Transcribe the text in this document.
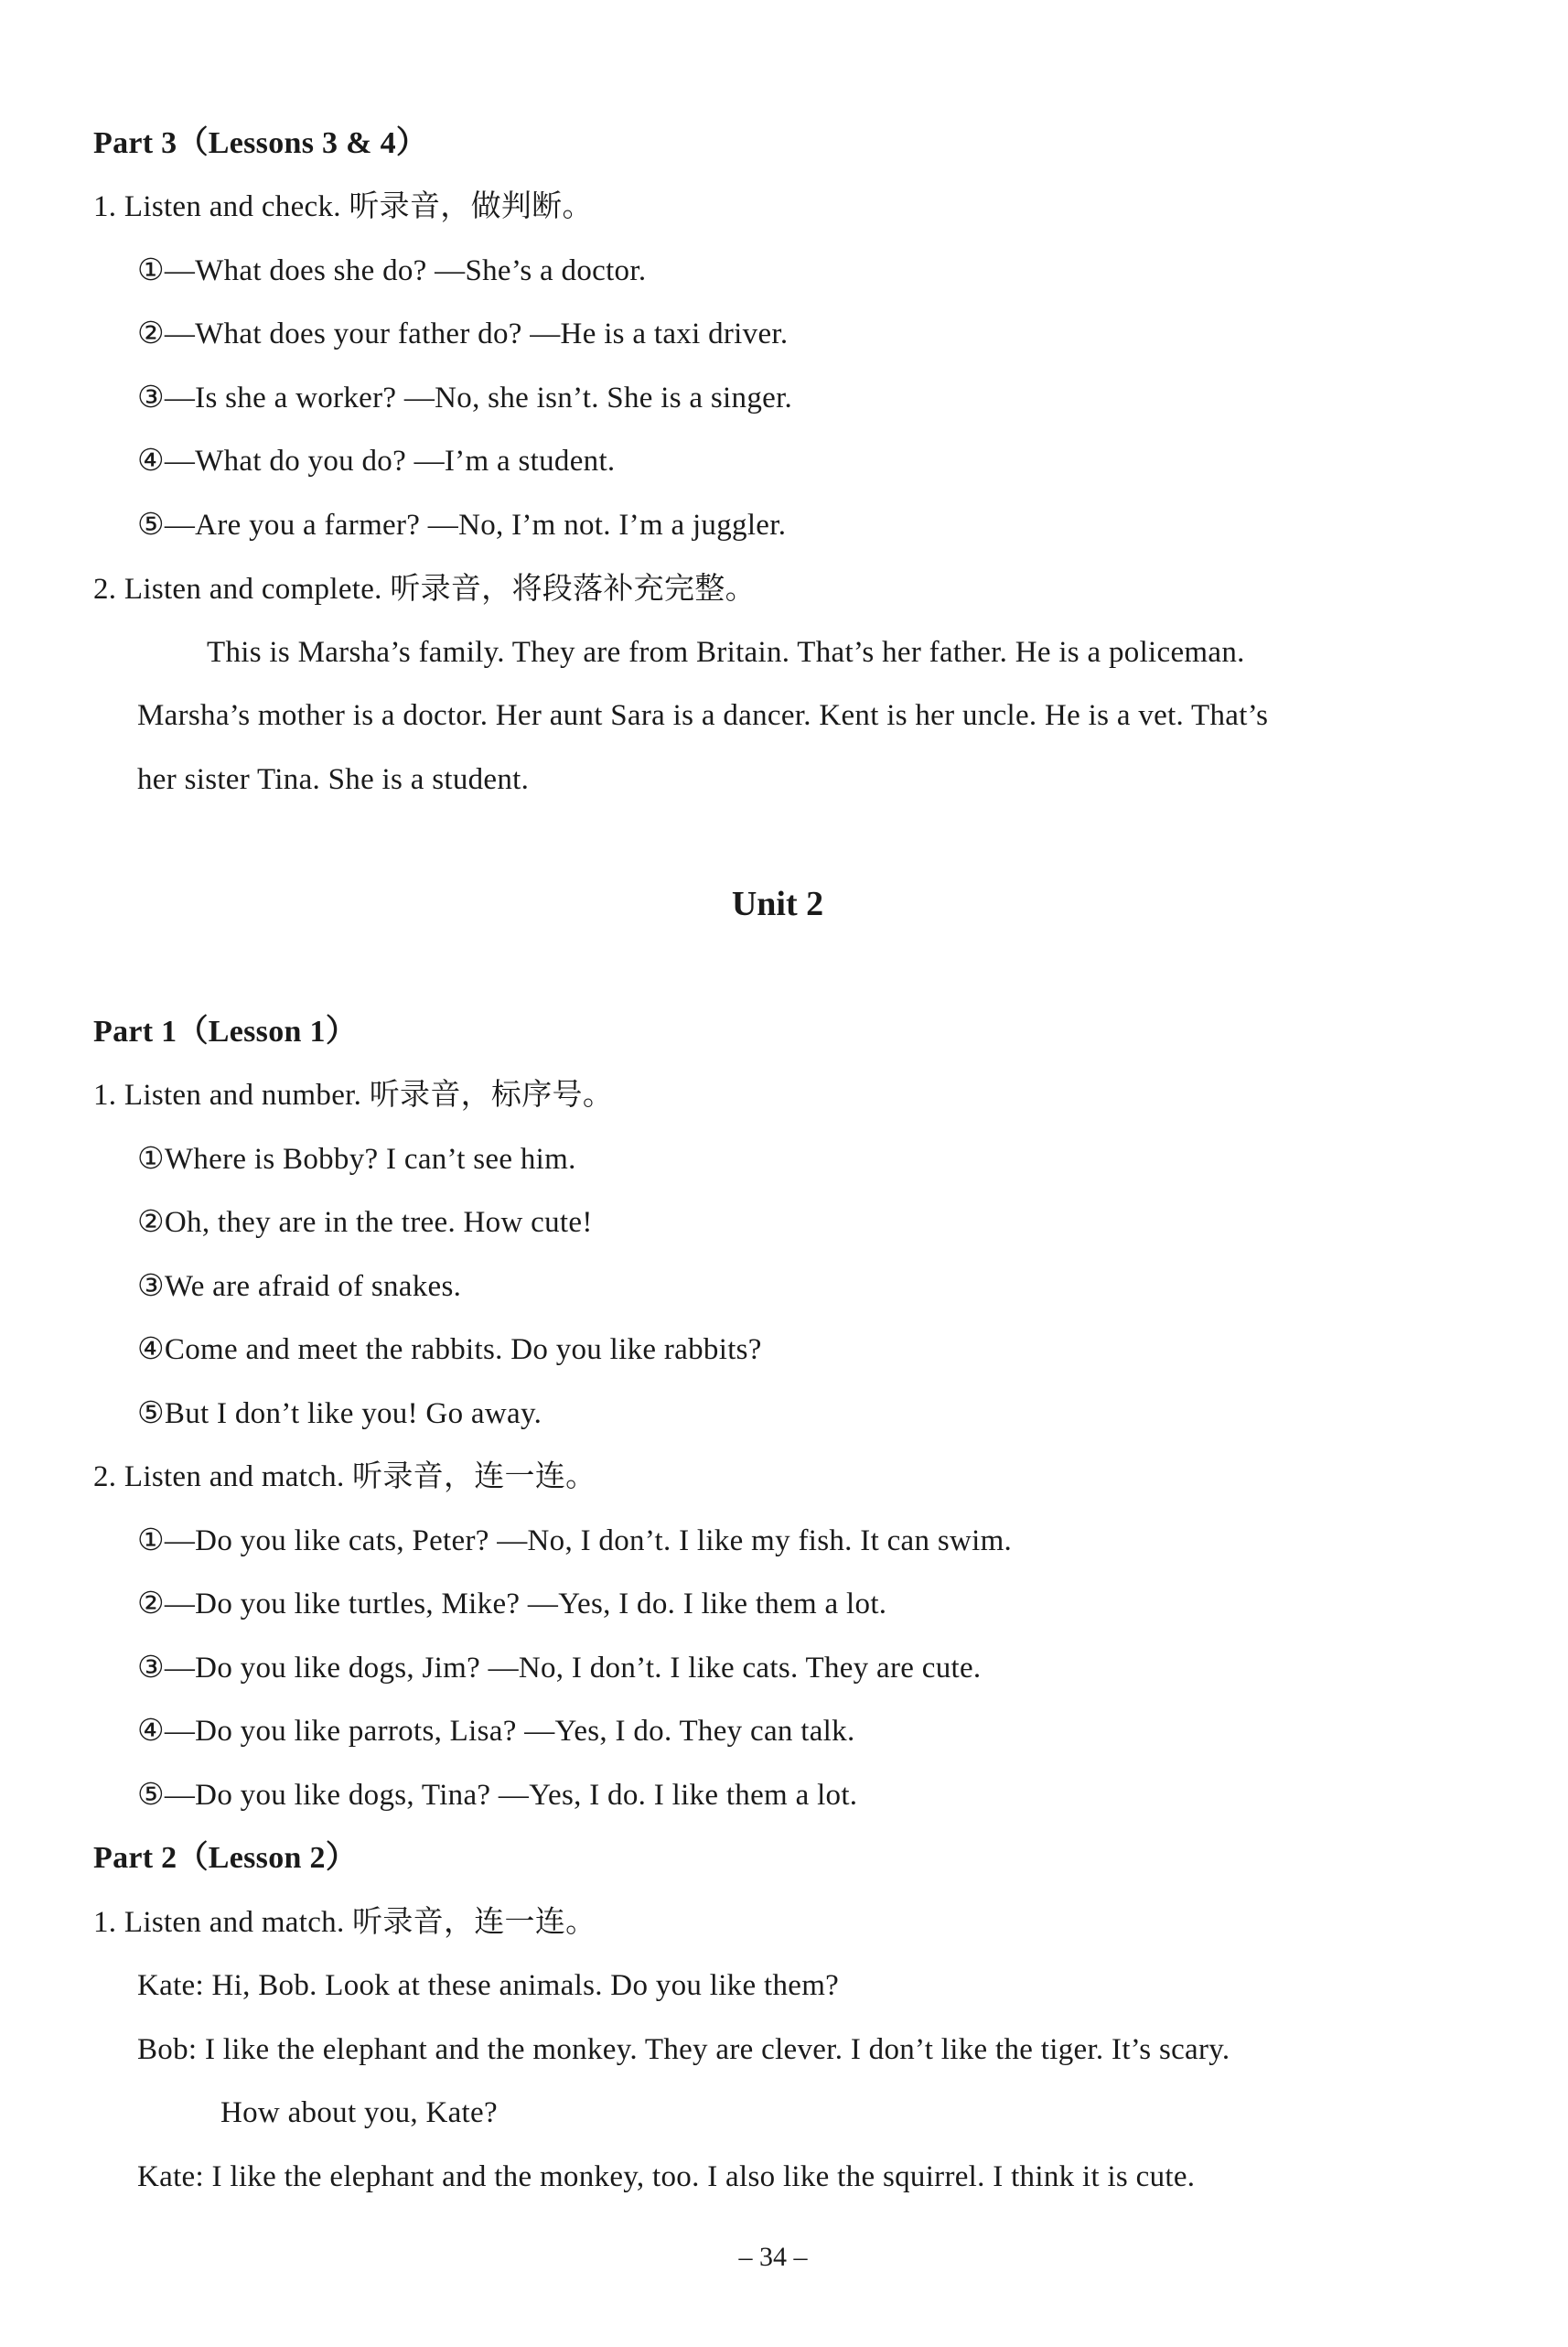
Part 3（Lessons 3 & 4）
1. Listen and check. 听录音，做判断。
①—What does she do? —She’s a doctor.
②—What does your father do? —He is a taxi driver.
③—Is she a worker? —No, she isn’t. She is a singer.
④—What do you do? —I’m a student.
⑤—Are you a farmer? —No, I’m not. I’m a juggler.
2. Listen and complete. 听录音，将段落补充完整。
This is Marsha’s family. They are from Britain. That’s her father. He is a policeman.
Marsha’s mother is a doctor. Her aunt Sara is a dancer. Kent is her uncle. He is a vet. That’s
her sister Tina. She is a student.
Unit 2
Part 1（Lesson 1）
1. Listen and number. 听录音，标序号。
①Where is Bobby? I can’t see him.
②Oh, they are in the tree. How cute!
③We are afraid of snakes.
④Come and meet the rabbits. Do you like rabbits?
⑤But I don’t like you! Go away.
2. Listen and match. 听录音，连一连。
①—Do you like cats, Peter? —No, I don’t. I like my fish. It can swim.
②—Do you like turtles, Mike? —Yes, I do. I like them a lot.
③—Do you like dogs, Jim? —No, I don’t. I like cats. They are cute.
④—Do you like parrots, Lisa? —Yes, I do. They can talk.
⑤—Do you like dogs, Tina? —Yes, I do. I like them a lot.
Part 2（Lesson 2）
1. Listen and match. 听录音，连一连。
Kate: Hi, Bob. Look at these animals. Do you like them?
Bob: I like the elephant and the monkey. They are clever. I don’t like the tiger. It’s scary.
How about you, Kate?
Kate: I like the elephant and the monkey, too. I also like the squirrel. I think it is cute.
– 34 –
